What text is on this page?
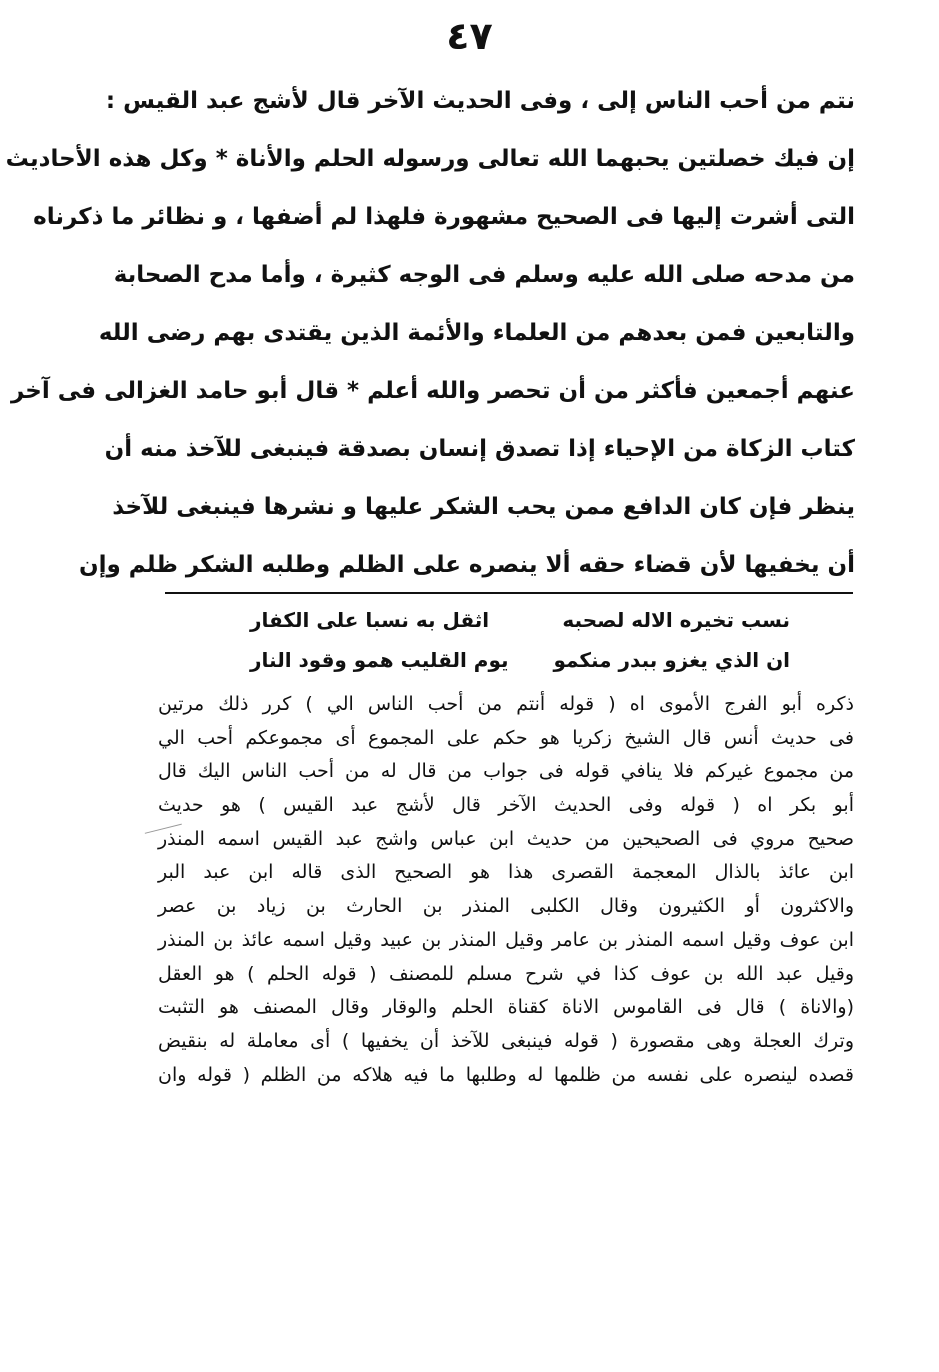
٤٧
نتم من أحب الناس إلى ، وفى الحديث الآخر قال لأشج عبد القيس :
إن فيك خصلتين يحبهما الله تعالى ورسوله الحلم والأناة * وكل هذه الأحاديث
التى أشرت إليها فى الصحيح مشهورة فلهذا لم أضفها ، و نظائر ما ذكرناه
من مدحه صلى الله عليه وسلم فى الوجه كثيرة ، وأما مدح الصحابة
والتابعين فمن بعدهم من العلماء والأئمة الذين يقتدى بهم رضى الله
عنهم أجمعين فأكثر من أن تحصر والله أعلم * قال أبو حامد الغزالى فى آخر
كتاب الزكاة من الإحياء إذا تصدق إنسان بصدقة فينبغى للآخذ منه أن
ينظر فإن كان الدافع ممن يحب الشكر عليها و نشرها فينبغى للآخذ
أن يخفيها لأن قضاء حقه ألا ينصره على الظلم وطلبه الشكر ظلم وإن
نسب تخيره الاله لصحبه
اثقل به نسبا على الكفار
ان الذي يغزو ببدر منكمو
يوم القليب همو وقود النار
ذكره أبو الفرج الأموى اه ( قوله أنتم من أحب الناس الي ) كرر ذلك مرتين
فى حديث أنس قال الشيخ زكريا هو حكم على المجموع أى مجموعكم أحب الي
من مجموع غيركم فلا ينافي قوله فى جواب من قال له من أحب الناس اليك قال
أبو بكر اه ( قوله وفى الحديث الآخر قال لأشج عبد القيس ) هو حديث
صحيح مروي فى الصحيحين من حديث ابن عباس واشج عبد القيس اسمه المنذر
ابن عائذ بالذال المعجمة القصرى هذا هو الصحيح الذى قاله ابن عبد البر
والاكثرون أو الكثيرون وقال الكلبى المنذر بن الحارث بن زياد بن عصر
ابن عوف وقيل اسمه المنذر بن عامر وقيل المنذر بن عبيد وقيل اسمه عائذ بن المنذر
وقيل عبد الله بن عوف كذا في شرح مسلم للمصنف ( قوله الحلم ) هو العقل
(والاناة ) قال فى القاموس الاناة كقناة الحلم والوقار وقال المصنف هو التثبت
وترك العجلة وهى مقصورة ( قوله فينبغى للآخذ أن يخفيها ) أى معاملة له بنقيض
قصده لينصره على نفسه من ظلمها له وطلبها ما فيه هلاكه من الظلم ( قوله وان
